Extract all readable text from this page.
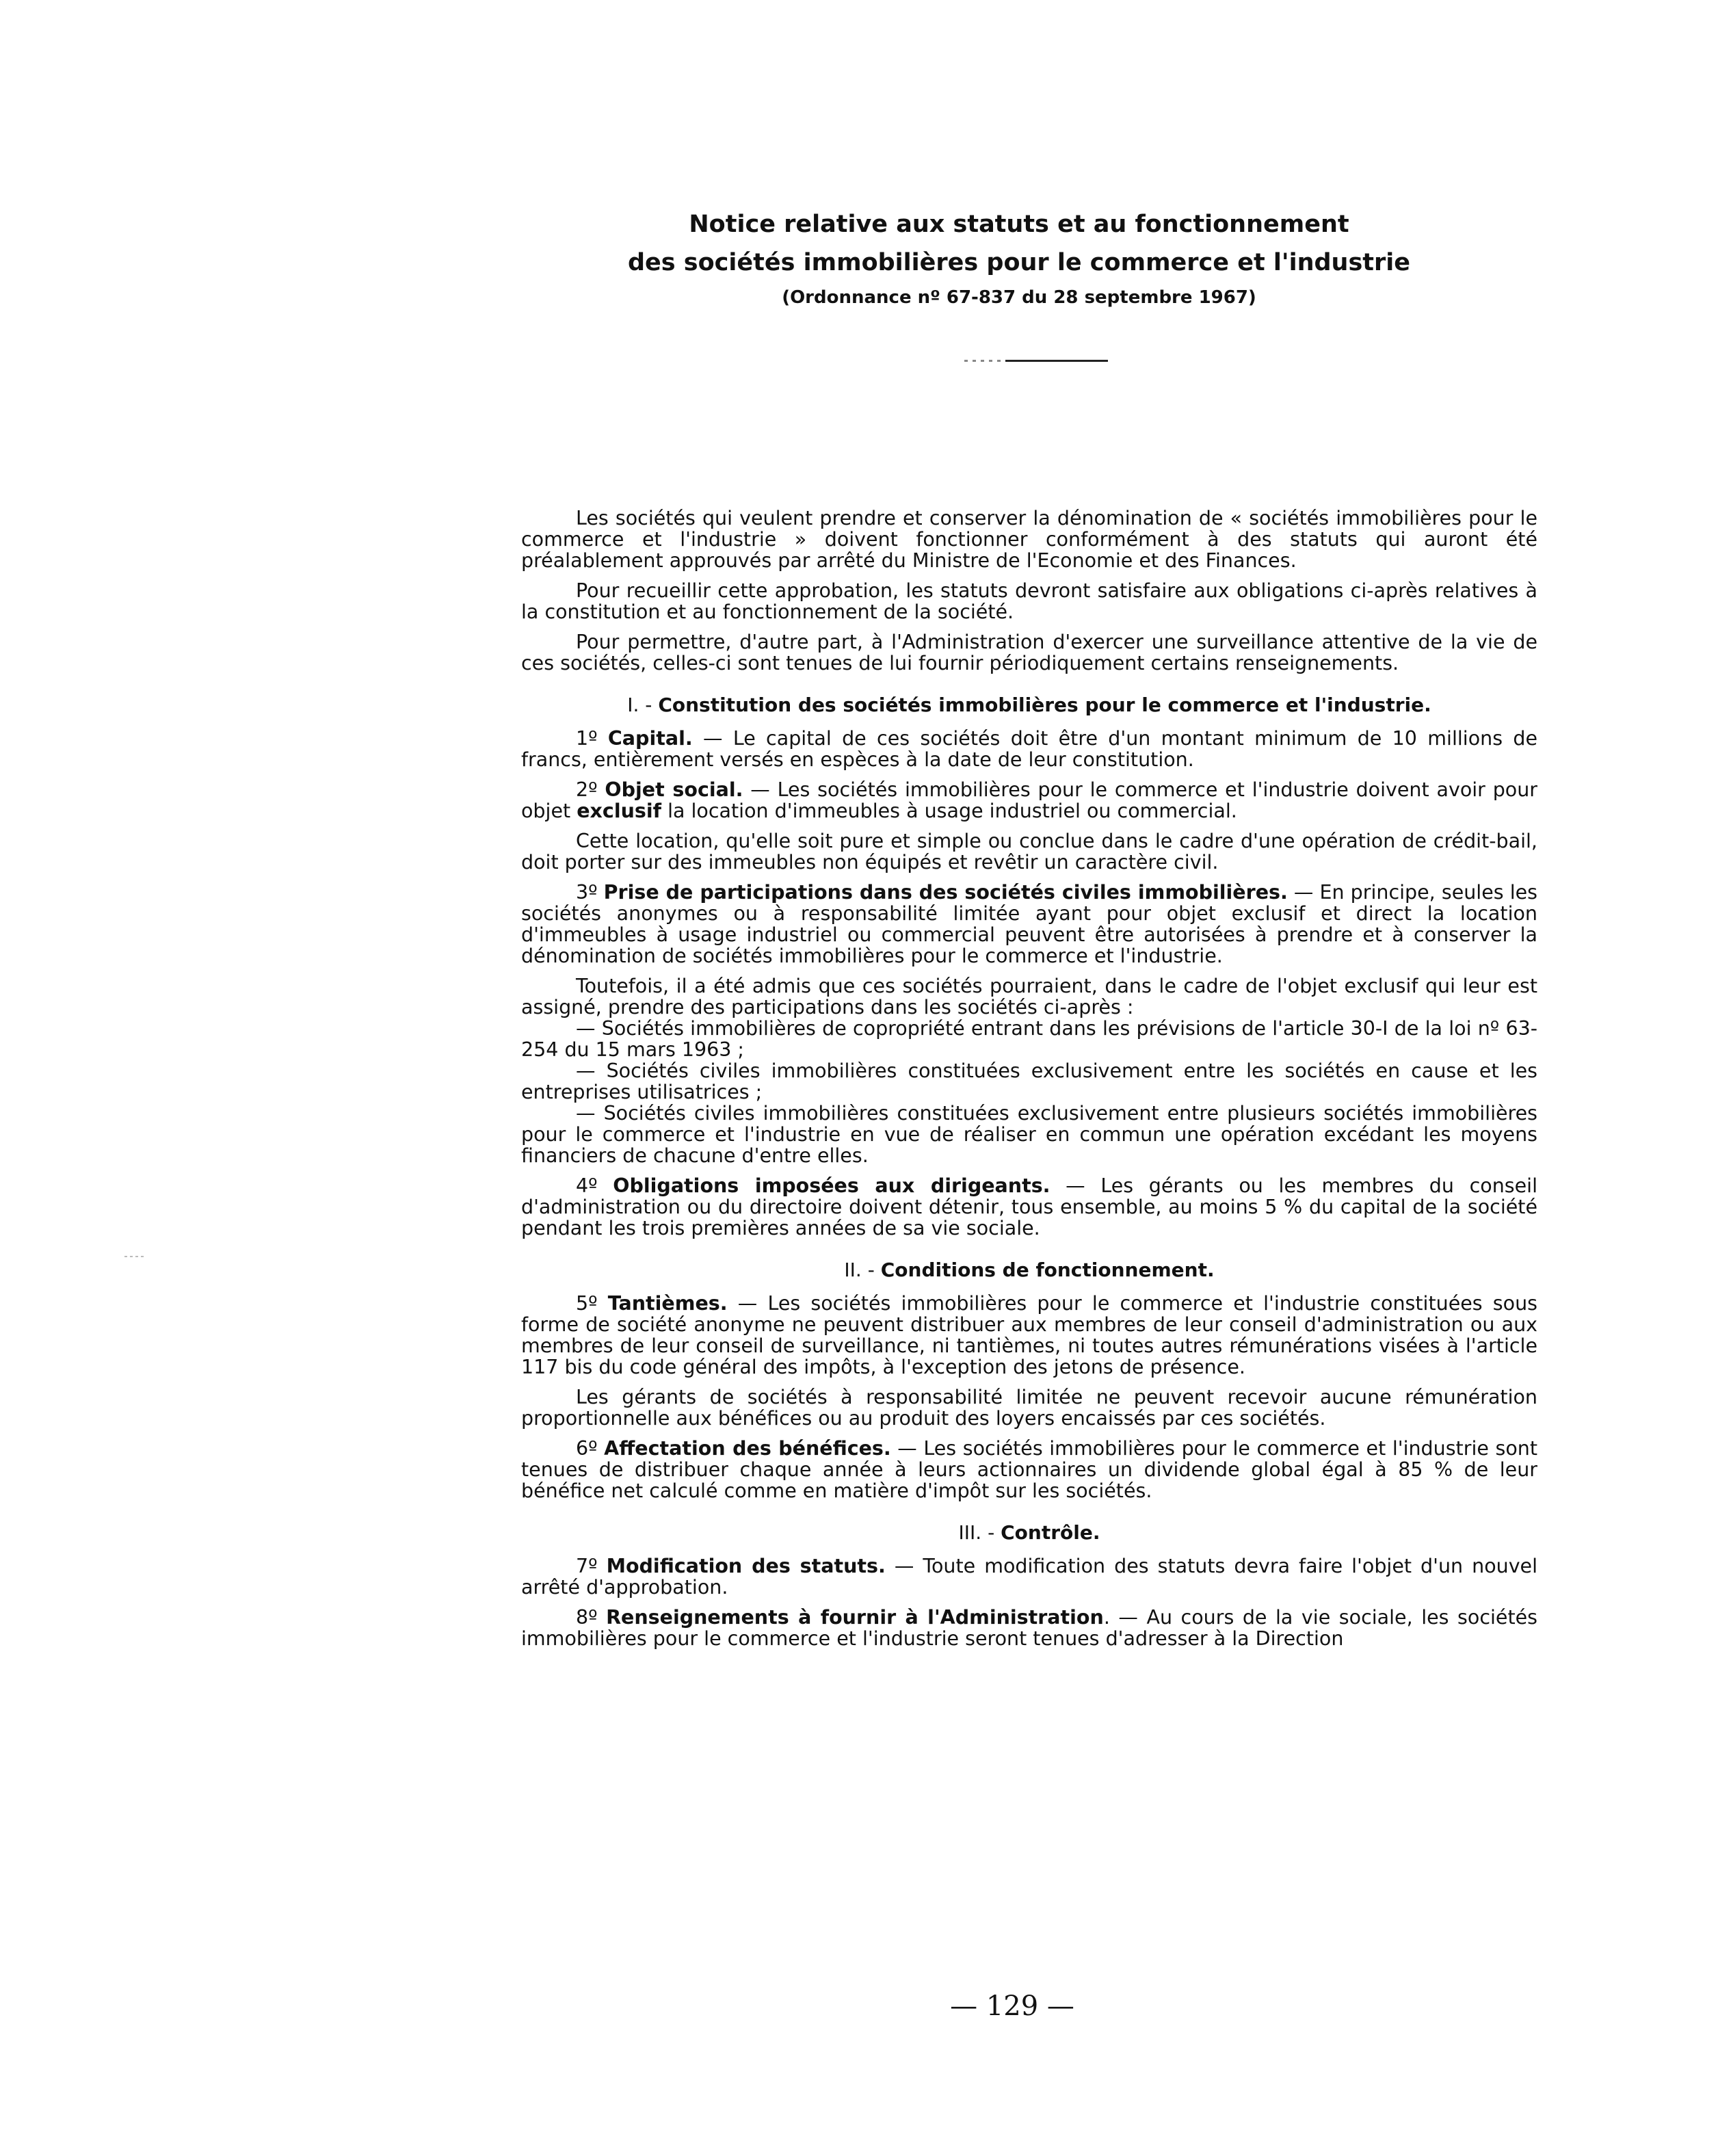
Notice relative aux statuts et au fonctionnement

des sociétés immobilières pour le commerce et l'industrie

(Ordonnance nº 67-837 du 28 septembre 1967)

Les sociétés qui veulent prendre et conserver la dénomination de « sociétés immobilières pour le commerce et l'industrie » doivent fonctionner conformément à des statuts qui auront été préalablement approuvés par arrêté du Ministre de l'Economie et des Finances.

Pour recueillir cette approbation, les statuts devront satisfaire aux obligations ci-après relatives à la constitution et au fonctionnement de la société.

Pour permettre, d'autre part, à l'Administration d'exercer une surveillance attentive de la vie de ces sociétés, celles-ci sont tenues de lui fournir périodiquement certains renseignements.

I. - Constitution des sociétés immobilières pour le commerce et l'industrie.

1º Capital. — Le capital de ces sociétés doit être d'un montant minimum de 10 millions de francs, entièrement versés en espèces à la date de leur constitution.

2º Objet social. — Les sociétés immobilières pour le commerce et l'industrie doivent avoir pour objet exclusif la location d'immeubles à usage industriel ou commercial.

Cette location, qu'elle soit pure et simple ou conclue dans le cadre d'une opération de crédit-bail, doit porter sur des immeubles non équipés et revêtir un caractère civil.

3º Prise de participations dans des sociétés civiles immobilières. — En principe, seules les sociétés anonymes ou à responsabilité limitée ayant pour objet exclusif et direct la location d'immeubles à usage industriel ou commercial peuvent être autorisées à prendre et à conserver la dénomination de sociétés immobilières pour le commerce et l'industrie.

Toutefois, il a été admis que ces sociétés pourraient, dans le cadre de l'objet exclusif qui leur est assigné, prendre des participations dans les sociétés ci-après :

— Sociétés immobilières de copropriété entrant dans les prévisions de l'article 30-I de la loi nº 63-254 du 15 mars 1963 ;

— Sociétés civiles immobilières constituées exclusivement entre les sociétés en cause et les entreprises utilisatrices ;

— Sociétés civiles immobilières constituées exclusivement entre plusieurs sociétés immobilières pour le commerce et l'industrie en vue de réaliser en commun une opération excédant les moyens financiers de chacune d'entre elles.

4º Obligations imposées aux dirigeants. — Les gérants ou les membres du conseil d'administration ou du directoire doivent détenir, tous ensemble, au moins 5 % du capital de la société pendant les trois premières années de sa vie sociale.

II. - Conditions de fonctionnement.

5º Tantièmes. — Les sociétés immobilières pour le commerce et l'industrie constituées sous forme de société anonyme ne peuvent distribuer aux membres de leur conseil d'administration ou aux membres de leur conseil de surveillance, ni tantièmes, ni toutes autres rémunérations visées à l'article 117 bis du code général des impôts, à l'exception des jetons de présence.

Les gérants de sociétés à responsabilité limitée ne peuvent recevoir aucune rémunération proportionnelle aux bénéfices ou au produit des loyers encaissés par ces sociétés.

6º Affectation des bénéfices. — Les sociétés immobilières pour le commerce et l'industrie sont tenues de distribuer chaque année à leurs actionnaires un dividende global égal à 85 % de leur bénéfice net calculé comme en matière d'impôt sur les sociétés.

III. - Contrôle.

7º Modification des statuts. — Toute modification des statuts devra faire l'objet d'un nouvel arrêté d'approbation.

8º Renseignements à fournir à l'Administration. — Au cours de la vie sociale, les sociétés immobilières pour le commerce et l'industrie seront tenues d'adresser à la Direction

— 129 —
